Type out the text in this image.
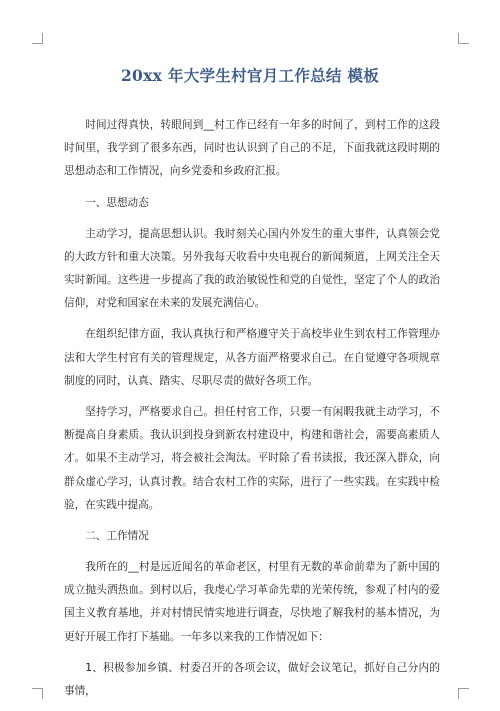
20xx 年大学生村官月工作总结 模板

时间过得真快，转眼间到__村工作已经有一年多的时间了，到村工作的这段时间里，我学到了很多东西，同时也认识到了自己的不足，下面我就这段时期的思想动态和工作情况，向乡党委和乡政府汇报。

一、思想动态

主动学习，提高思想认识。我时刻关心国内外发生的重大事件，认真领会党的大政方针和重大决策。另外我每天收看中央电视台的新闻频道，上网关注全天实时新闻。这些进一步提高了我的政治敏锐性和党的自觉性，坚定了个人的政治信仰，对党和国家在未来的发展充满信心。

在组织纪律方面，我认真执行和严格遵守关于高校毕业生到农村工作管理办法和大学生村官有关的管理规定，从各方面严格要求自己。在自觉遵守各项规章制度的同时，认真、踏实、尽职尽责的做好各项工作。

坚持学习，严格要求自己。担任村官工作，只要一有闲暇我就主动学习，不断提高自身素质。我认识到投身到新农村建设中，构建和谐社会，需要高素质人才。如果不主动学习，将会被社会淘汰。平时除了看书读报，我还深入群众，向群众虚心学习，认真讨教。结合农村工作的实际，进行了一些实践。在实践中检验，在实践中提高。

二、工作情况

我所在的__村是远近闻名的革命老区，村里有无数的革命前辈为了新中国的成立抛头洒热血。到村以后，我虔心学习革命先辈的光荣传统，参观了村内的爱国主义教育基地，并对村情民情实地进行调查，尽快地了解我村的基本情况，为更好开展工作打下基础。一年多以来我的工作情况如下：

1、积极参加乡镇、村委召开的各项会议，做好会议笔记，抓好自己分内的事情，
